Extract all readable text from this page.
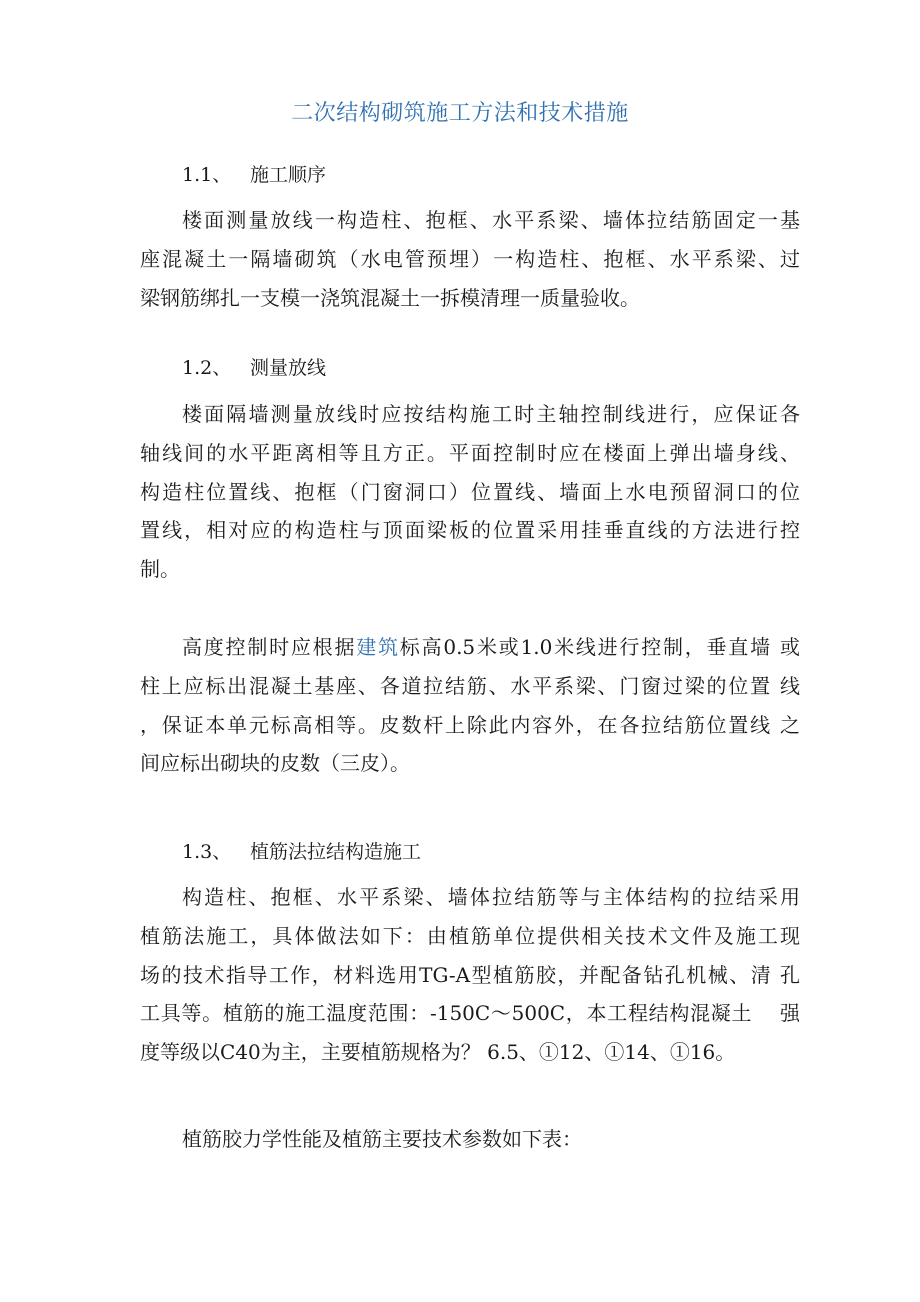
二次结构砌筑施工方法和技术措施
1.1、 施工顺序

楼面测量放线一构造柱、抱框、水平系梁、墙体拉结筋固定一基
座混凝土一隔墙砌筑（水电管预埋）一构造柱、抱框、水平系梁、过
梁钢筋绑扎一支模一浇筑混凝土一拆模清理一质量验收。

1.2、 测量放线

楼面隔墙测量放线时应按结构施工时主轴控制线进行，应保证各
轴线间的水平距离相等且方正。平面控制时应在楼面上弹出墙身线、
构造柱位置线、抱框（门窗洞口）位置线、墙面上水电预留洞口的位
置线，相对应的构造柱与顶面梁板的位置采用挂垂直线的方法进行控
制。

高度控制时应根据建筑标高0.5米或1.0米线进行控制，垂直墙 或
柱上应标出混凝土基座、各道拉结筋、水平系梁、门窗过梁的位置 线
，保证本单元标高相等。皮数杆上除此内容外，在各拉结筋位置线 之
间应标出砌块的皮数（三皮）。

1.3、 植筋法拉结构造施工

构造柱、抱框、水平系梁、墙体拉结筋等与主体结构的拉结采用
植筋法施工，具体做法如下：由植筋单位提供相关技术文件及施工现
场的技术指导工作，材料选用TG-A型植筋胶，并配备钻孔机械、清 孔
工具等。植筋的施工温度范围：-150C～500C，本工程结构混凝土　 强
度等级以C40为主，主要植筋规格为？ 6.5、①12、①14、①16。

植筋胶力学性能及植筋主要技术参数如下表：
